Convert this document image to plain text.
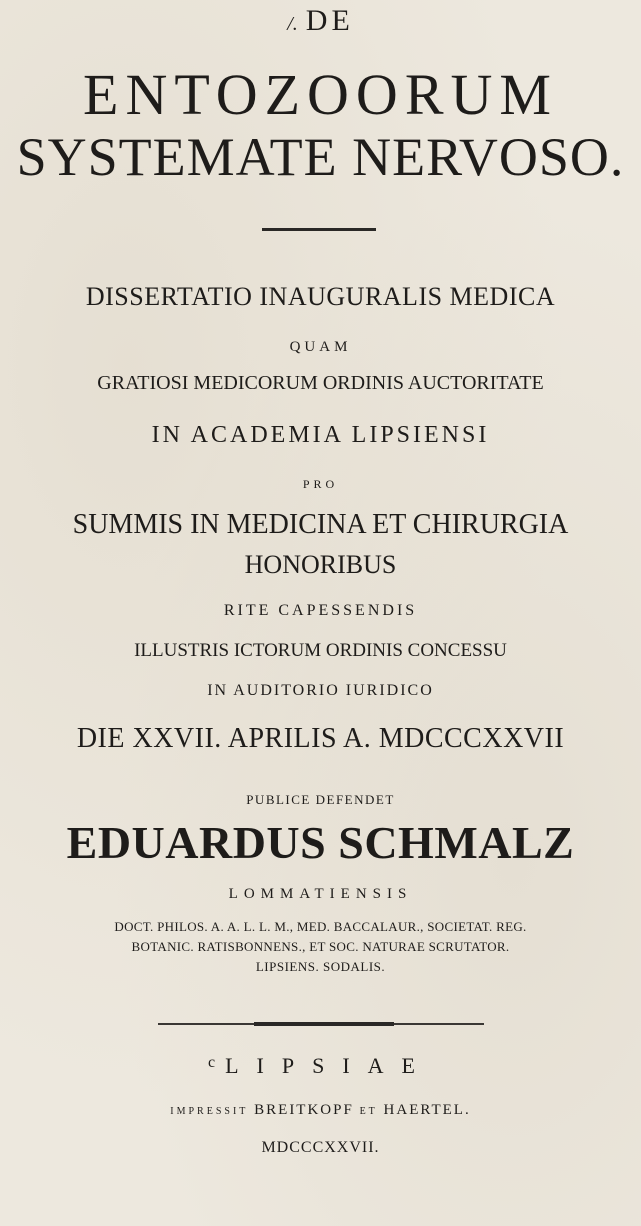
/. DE
ENTOZOORUM
SYSTEMATE NERVOSO.
DISSERTATIO INAUGURALIS MEDICA
QUAM
GRATIOSI MEDICORUM ORDINIS AUCTORITATE
IN ACADEMIA LIPSIENSI
PRO
SUMMIS IN MEDICINA ET CHIRURGIA
HONORIBUS
RITE CAPESSENDIS
ILLUSTRIS ICTORUM ORDINIS CONCESSU
IN AUDITORIO IURIDICO
DIE XXVII. APRILIS A. MDCCCXXVII
PUBLICE DEFENDET
EDUARDUS SCHMALZ
LOMMATIENSIS
DOCT. PHILOS. A. A. L. L. M., MED. BACCALAUR., SOCIETAT. REG.
BOTANIC. RATISBONNENS., ET SOC. NATURAE SCRUTATOR.
LIPSIENS. SODALIS.
$^c$ LIPSIAE
IMPRESSIT BREITKOPF ET HAERTEL.
MDCCCXXVII.
